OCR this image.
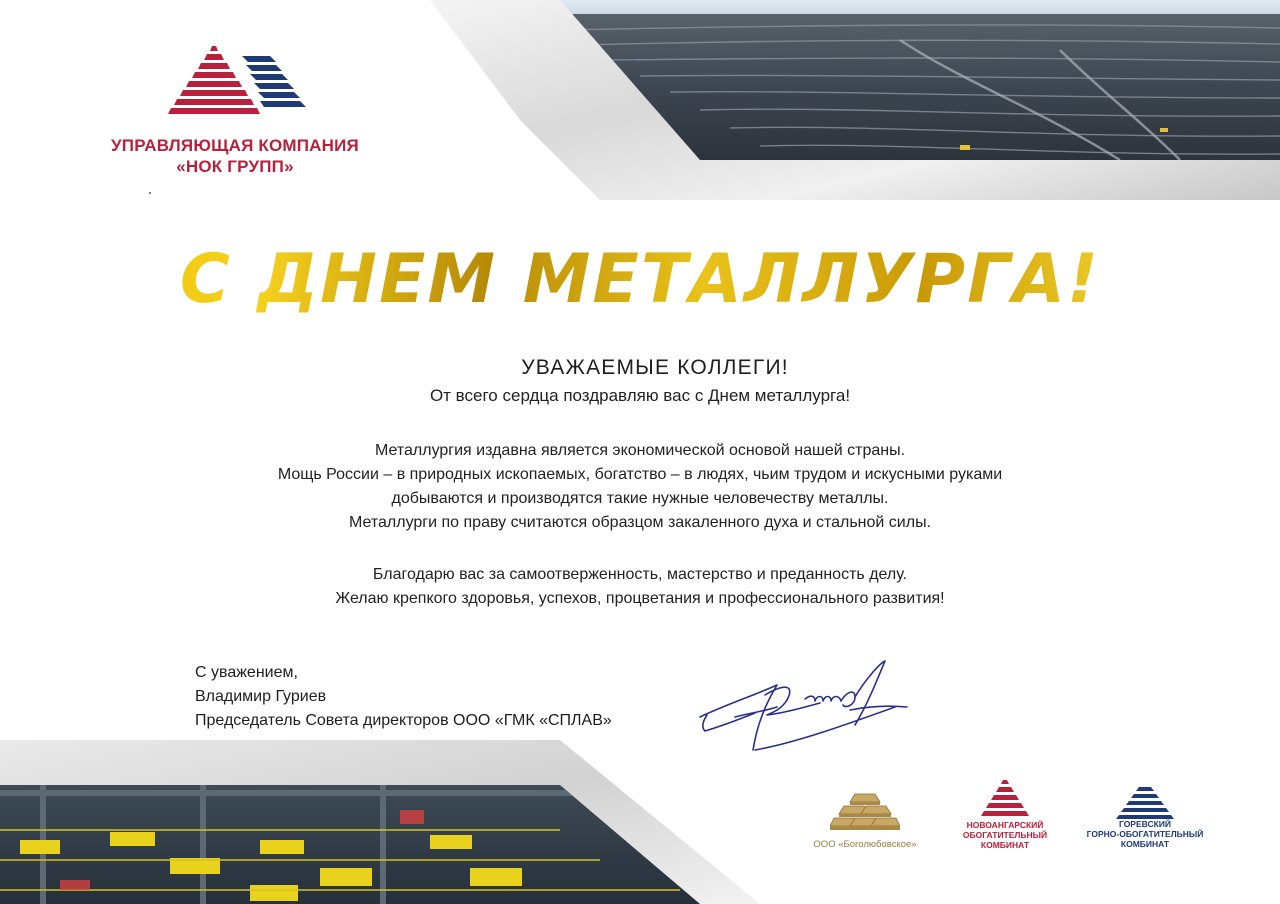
УПРАВЛЯЮЩАЯ КОМПАНИЯ
«НОК ГРУПП»
С ДНЕМ МЕТАЛЛУРГА!
УВАЖАЕМЫЕ КОЛЛЕГИ!
От всего сердца поздравляю вас с Днем металлурга!
Металлургия издавна является экономической основой нашей страны.
Мощь России – в природных ископаемых, богатство – в людях, чьим трудом и искусными руками
добываются и производятся такие нужные человечеству металлы.
Металлурги по праву считаются образцом закаленного духа и стальной силы.
Благодарю вас за самоотверженность, мастерство и преданность делу.
Желаю крепкого здоровья, успехов, процветания и профессионального развития!
С уважением,
Владимир Гуриев
Председатель Совета директоров ООО «ГМК «СПЛАВ»
ООО «Боголюбовское»
НОВОАНГАРСКИЙ
ОБОГАТИТЕЛЬНЫЙ
КОМБИНАТ
ГОРЕВСКИЙ
ГОРНО-ОБОГАТИТЕЛЬНЫЙ
КОМБИНАТ
